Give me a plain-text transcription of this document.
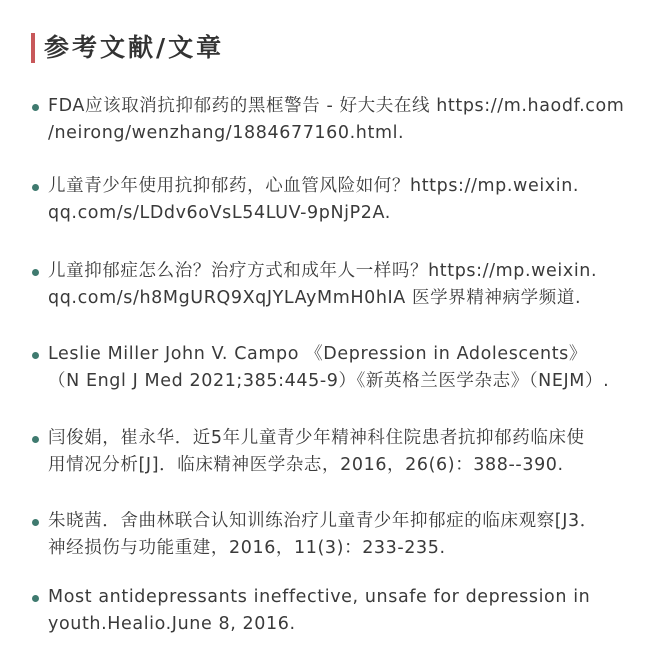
参考文献/文章
FDA应该取消抗抑郁药的黑框警告 - 好大夫在线 https://m.haodf.com
/neirong/wenzhang/1884677160.html.
儿童青少年使用抗抑郁药，心血管风险如何？https://mp.weixin.
qq.com/s/LDdv6oVsL54LUV-9pNjP2A.
儿童抑郁症怎么治？治疗方式和成年人一样吗？https://mp.weixin.
qq.com/s/h8MgURQ9XqJYLAyMmH0hIA 医学界精神病学频道.
Leslie Miller John V. Campo 《Depression in Adolescents》
（N Engl J Med 2021;385:445-9）《新英格兰医学杂志》（NEJM）.
闫俊娟，崔永华．近5年儿童青少年精神科住院患者抗抑郁药临床使
用情况分析[J]．临床精神医学杂志，2016，26(6)：388--390.
朱晓茜．舍曲林联合认知训练治疗儿童青少年抑郁症的临床观察[J3．
神经损伤与功能重建，2016，11(3)：233-235.
Most antidepressants ineffective, unsafe for depression in
youth.Healio.June 8, 2016.
